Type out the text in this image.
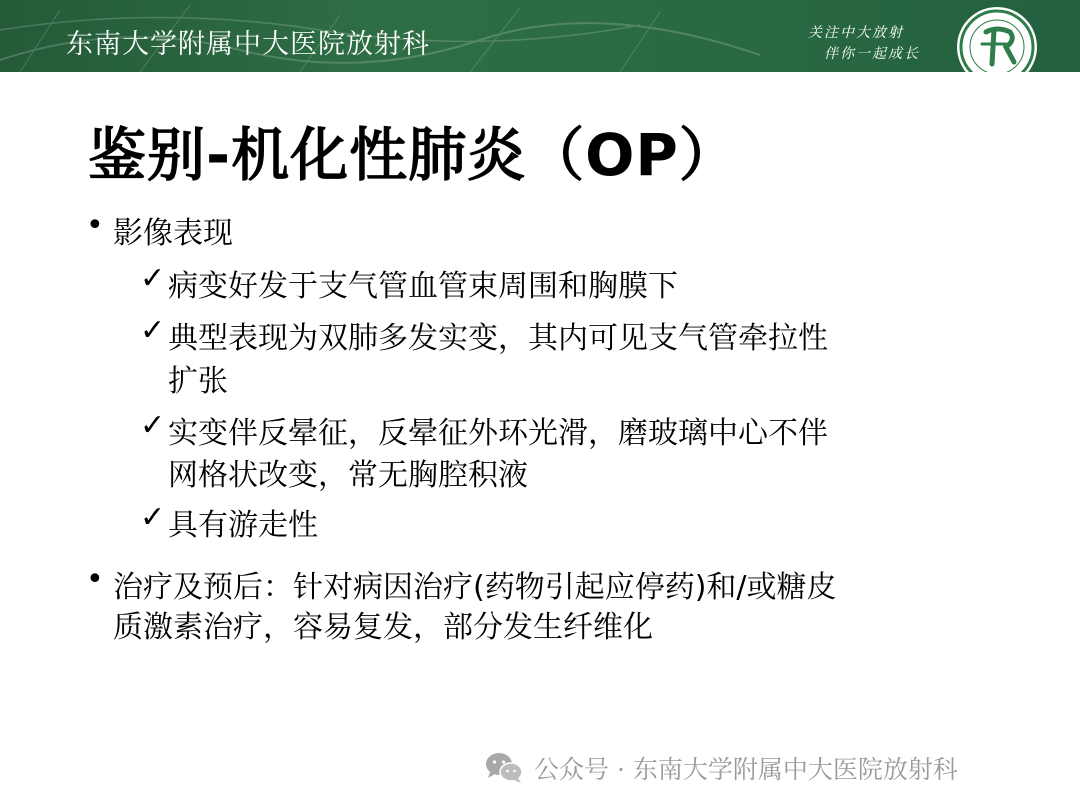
东南大学附属中大医院放射科	关注中大放射
伴你一起成长
鉴别-机化性肺炎（OP）
• 影像表现
✓ 病变好发于支气管血管束周围和胸膜下
✓ 典型表现为双肺多发实变，其内可见支气管牵拉性
扩张
✓ 实变伴反晕征，反晕征外环光滑，磨玻璃中心不伴
网格状改变，常无胸腔积液
✓ 具有游走性
• 治疗及预后：针对病因治疗(药物引起应停药)和/或糖皮
质激素治疗，容易复发，部分发生纤维化
公众号 · 东南大学附属中大医院放射科
